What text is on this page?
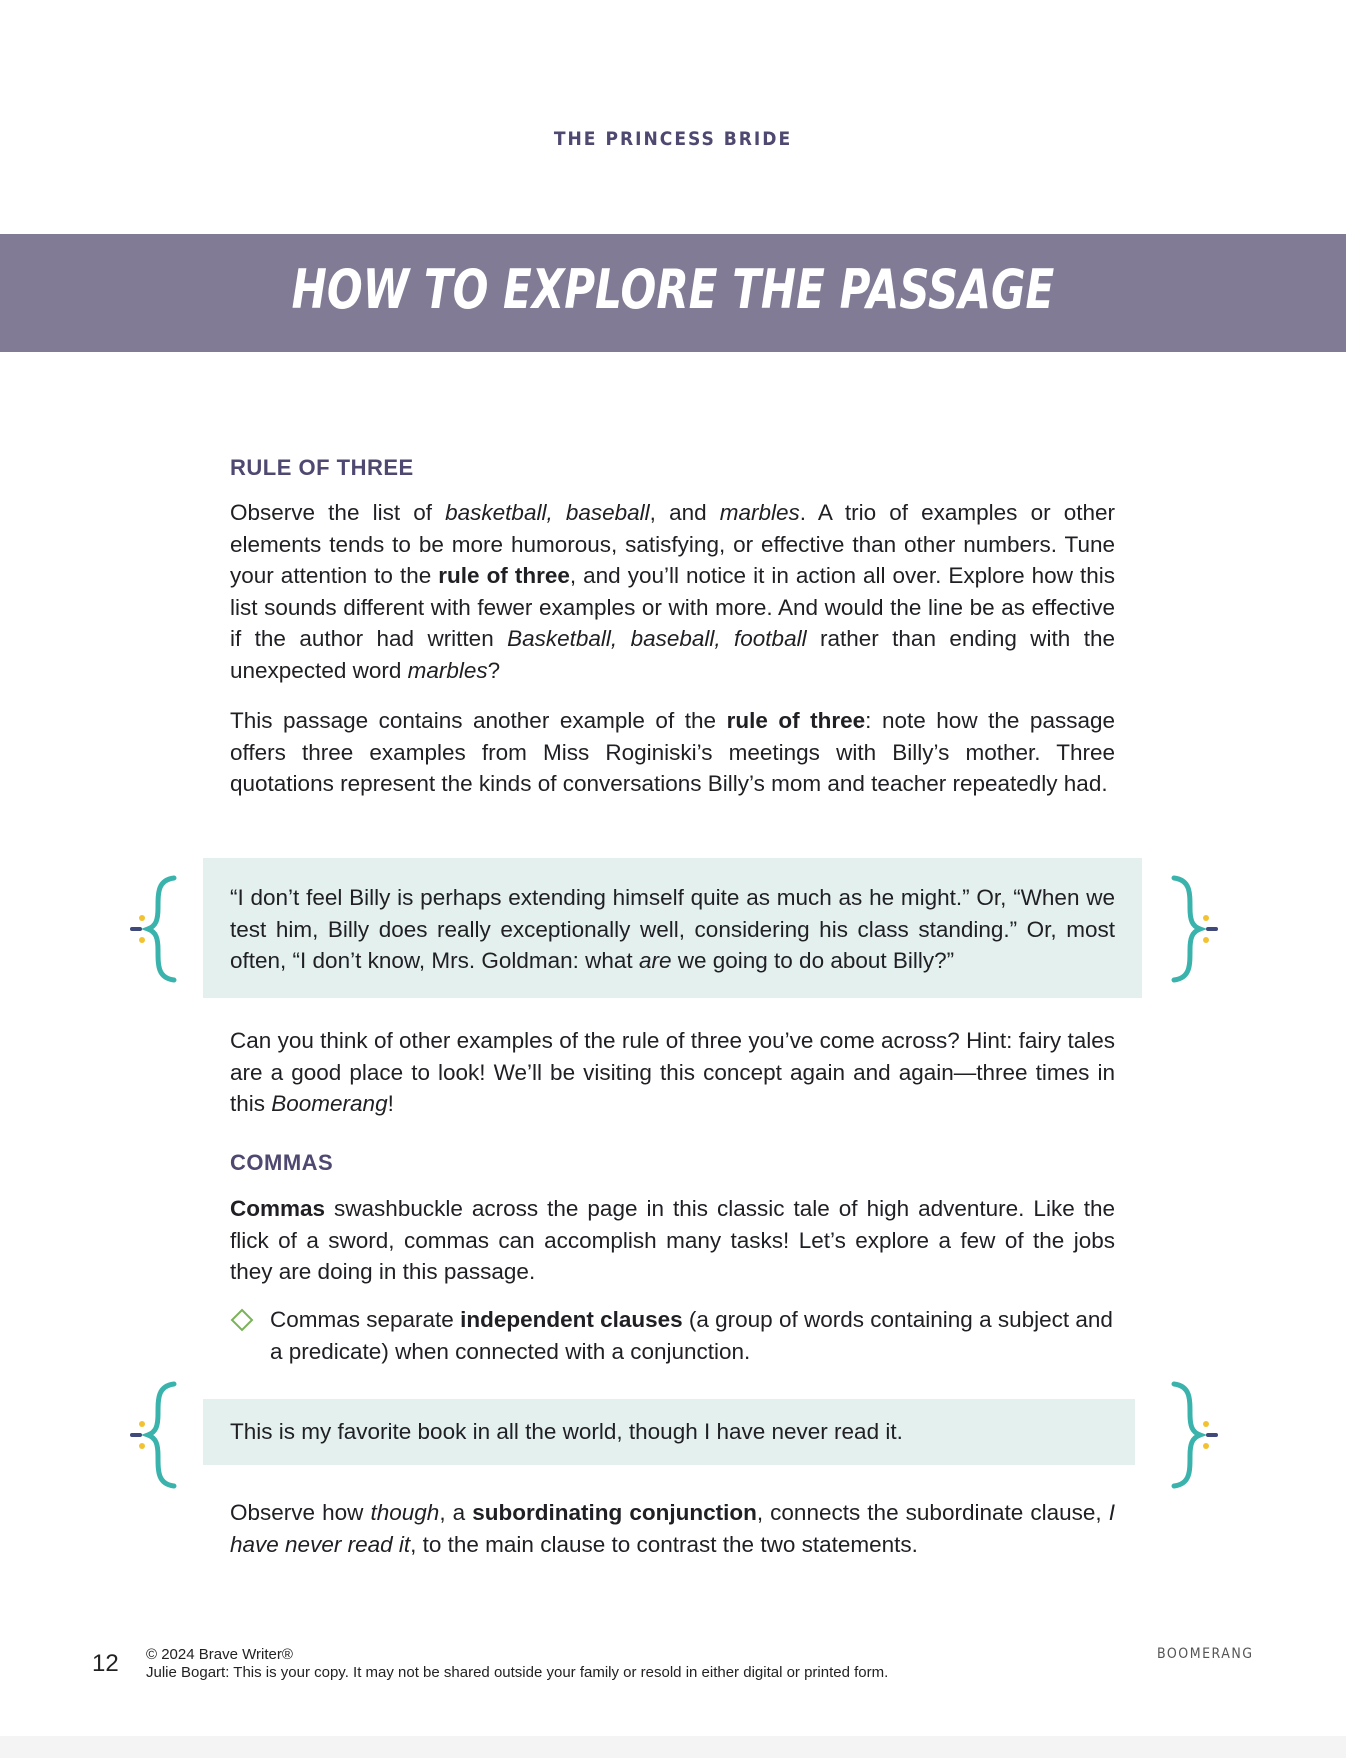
THE PRINCESS BRIDE
HOW TO EXPLORE THE PASSAGE
RULE OF THREE

Observe the list of basketball, baseball, and marbles. A trio of examples or other elements tends to be more humorous, satisfying, or effective than other numbers. Tune your attention to the rule of three, and you’ll notice it in action all over. Explore how this list sounds different with fewer examples or with more. And would the line be as effective if the author had written Basketball, baseball, football rather than ending with the unexpected word marbles?

This passage contains another example of the rule of three: note how the passage offers three examples from Miss Roginiski’s meetings with Billy’s mother. Three quotations represent the kinds of conversations Billy’s mom and teacher repeatedly had.

“I don’t feel Billy is perhaps extending himself quite as much as he might.” Or, “When we test him, Billy does really exceptionally well, considering his class standing.” Or, most often, “I don’t know, Mrs. Goldman: what are we going to do about Billy?”

Can you think of other examples of the rule of three you’ve come across? Hint: fairy tales are a good place to look! We’ll be visiting this concept again and again—three times in this Boomerang!

COMMAS

Commas swashbuckle across the page in this classic tale of high adventure. Like the flick of a sword, commas can accomplish many tasks! Let’s explore a few of the jobs they are doing in this passage.

Commas separate independent clauses (a group of words containing a subject and a predicate) when connected with a conjunction.
This is my favorite book in all the world, though I have never read it.

Observe how though, a subordinating conjunction, connects the subordinate clause, I have never read it, to the main clause to contrast the two statements.

12 © 2024 Brave Writer®
Julie Bogart: This is your copy. It may not be shared outside your family or resold in either digital or printed form.
BOOMERANG
